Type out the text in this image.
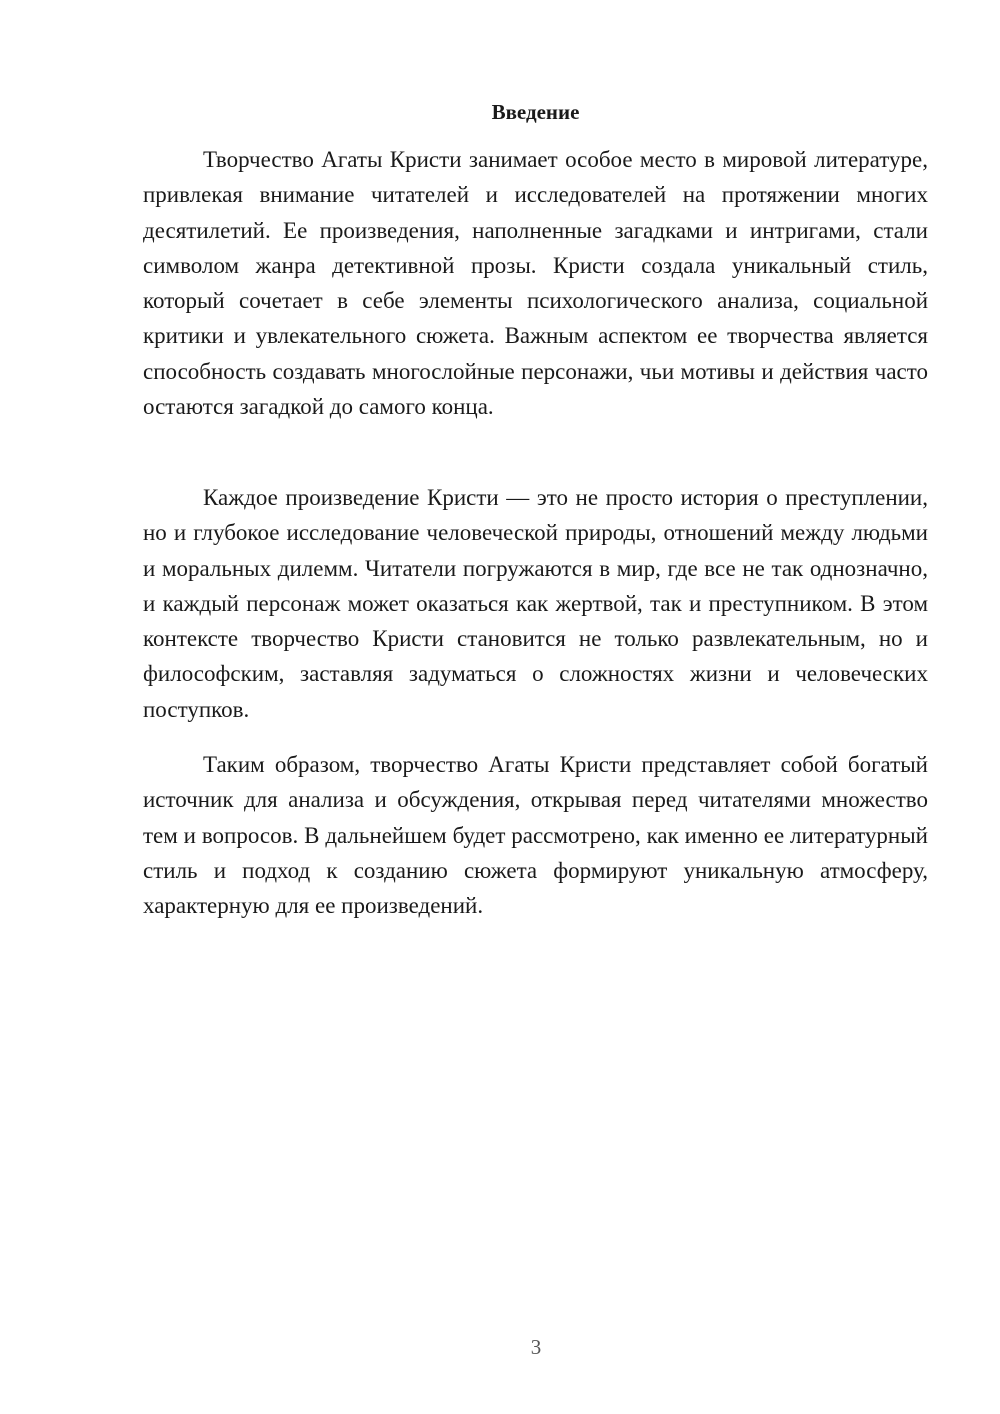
Введение

Творчество Агаты Кристи занимает особое место в мировой литературе, привлекая внимание читателей и исследователей на протяжении многих десятилетий. Ее произведения, наполненные загадками и интригами, стали символом жанра детективной прозы. Кристи создала уникальный стиль, который сочетает в себе элементы психологического анализа, социальной критики и увлекательного сюжета. Важным аспектом ее творчества является способность создавать многослойные персонажи, чьи мотивы и действия часто остаются загадкой до самого конца.

Каждое произведение Кристи — это не просто история о преступлении, но и глубокое исследование человеческой природы, отношений между людьми и моральных дилемм. Читатели погружаются в мир, где все не так однозначно, и каждый персонаж может оказаться как жертвой, так и преступником. В этом контексте творчество Кристи становится не только развлекательным, но и философским, заставляя задуматься о сложностях жизни и человеческих поступков.

Таким образом, творчество Агаты Кристи представляет собой богатый источник для анализа и обсуждения, открывая перед читателями множество тем и вопросов. В дальнейшем будет рассмотрено, как именно ее литературный стиль и подход к созданию сюжета формируют уникальную атмосферу, характерную для ее произведений.

3
